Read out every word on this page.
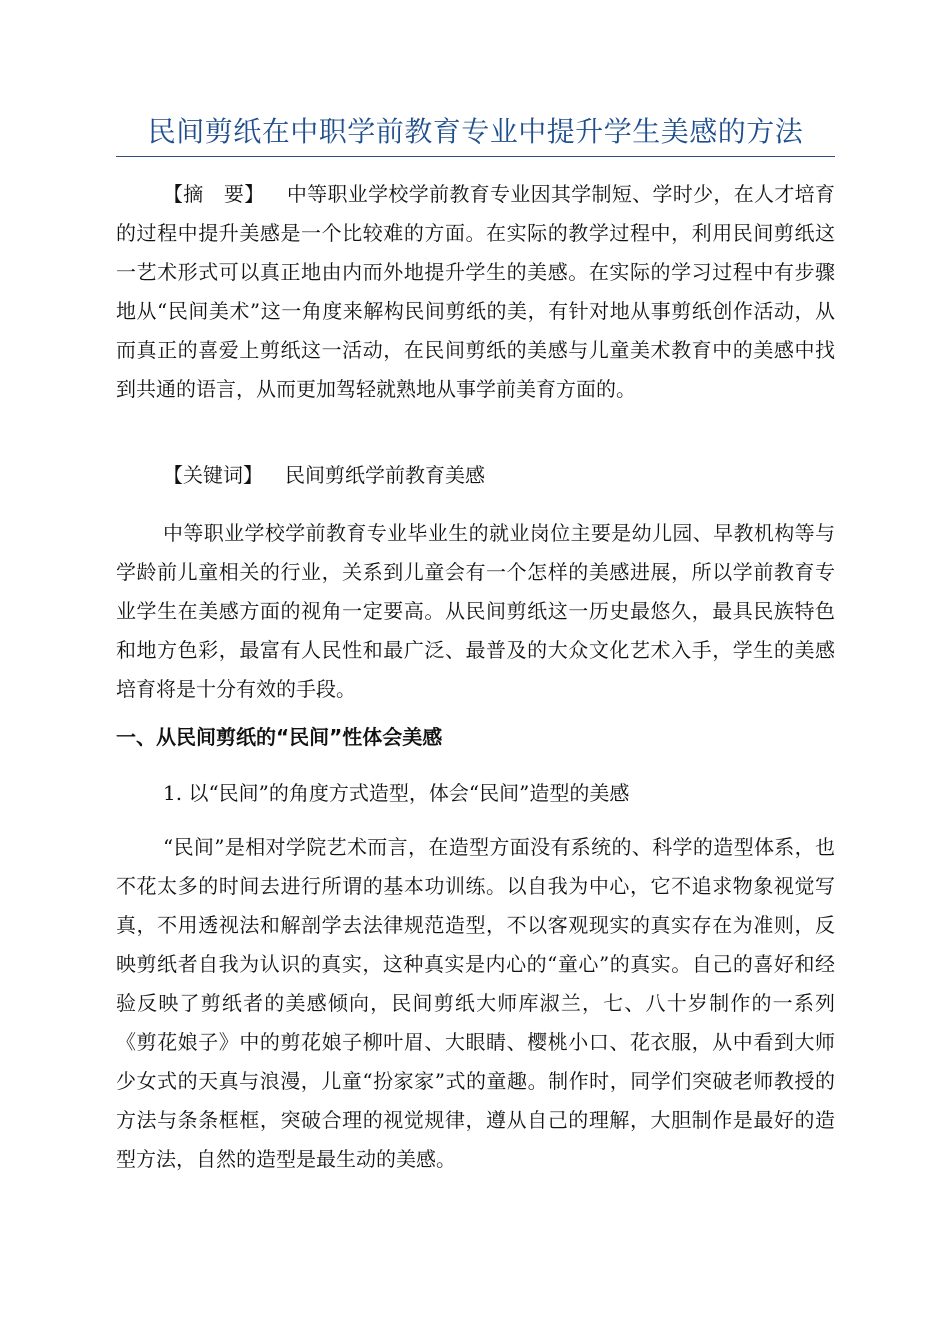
民间剪纸在中职学前教育专业中提升学生美感的方法

【摘　要】 中等职业学校学前教育专业因其学制短、学时少，在人才培育的过程中提升美感是一个比较难的方面。在实际的教学过程中，利用民间剪纸这一艺术形式可以真正地由内而外地提升学生的美感。在实际的学习过程中有步骤地从“民间美术”这一角度来解构民间剪纸的美，有针对地从事剪纸创作活动，从而真正的喜爱上剪纸这一活动，在民间剪纸的美感与儿童美术教育中的美感中找到共通的语言，从而更加驾轻就熟地从事学前美育方面的。

【关键词】 民间剪纸学前教育美感

中等职业学校学前教育专业毕业生的就业岗位主要是幼儿园、早教机构等与学龄前儿童相关的行业，关系到儿童会有一个怎样的美感进展，所以学前教育专业学生在美感方面的视角一定要高。从民间剪纸这一历史最悠久，最具民族特色和地方色彩，最富有人民性和最广泛、最普及的大众文化艺术入手，学生的美感培育将是十分有效的手段。

一、从民间剪纸的“民间”性体会美感
1. 以“民间”的角度方式造型，体会“民间”造型的美感

“民间”是相对学院艺术而言，在造型方面没有系统的、科学的造型体系，也不花太多的时间去进行所谓的基本功训练。以自我为中心，它不追求物象视觉写真，不用透视法和解剖学去法律规范造型，不以客观现实的真实存在为准则，反映剪纸者自我为认识的真实，这种真实是内心的“童心”的真实。自己的喜好和经验反映了剪纸者的美感倾向，民间剪纸大师库淑兰，七、八十岁制作的一系列《剪花娘子》中的剪花娘子柳叶眉、大眼睛、樱桃小口、花衣服，从中看到大师少女式的天真与浪漫，儿童“扮家家”式的童趣。制作时，同学们突破老师教授的方法与条条框框，突破合理的视觉规律，遵从自己的理解，大胆制作是最好的造型方法，自然的造型是最生动的美感。
